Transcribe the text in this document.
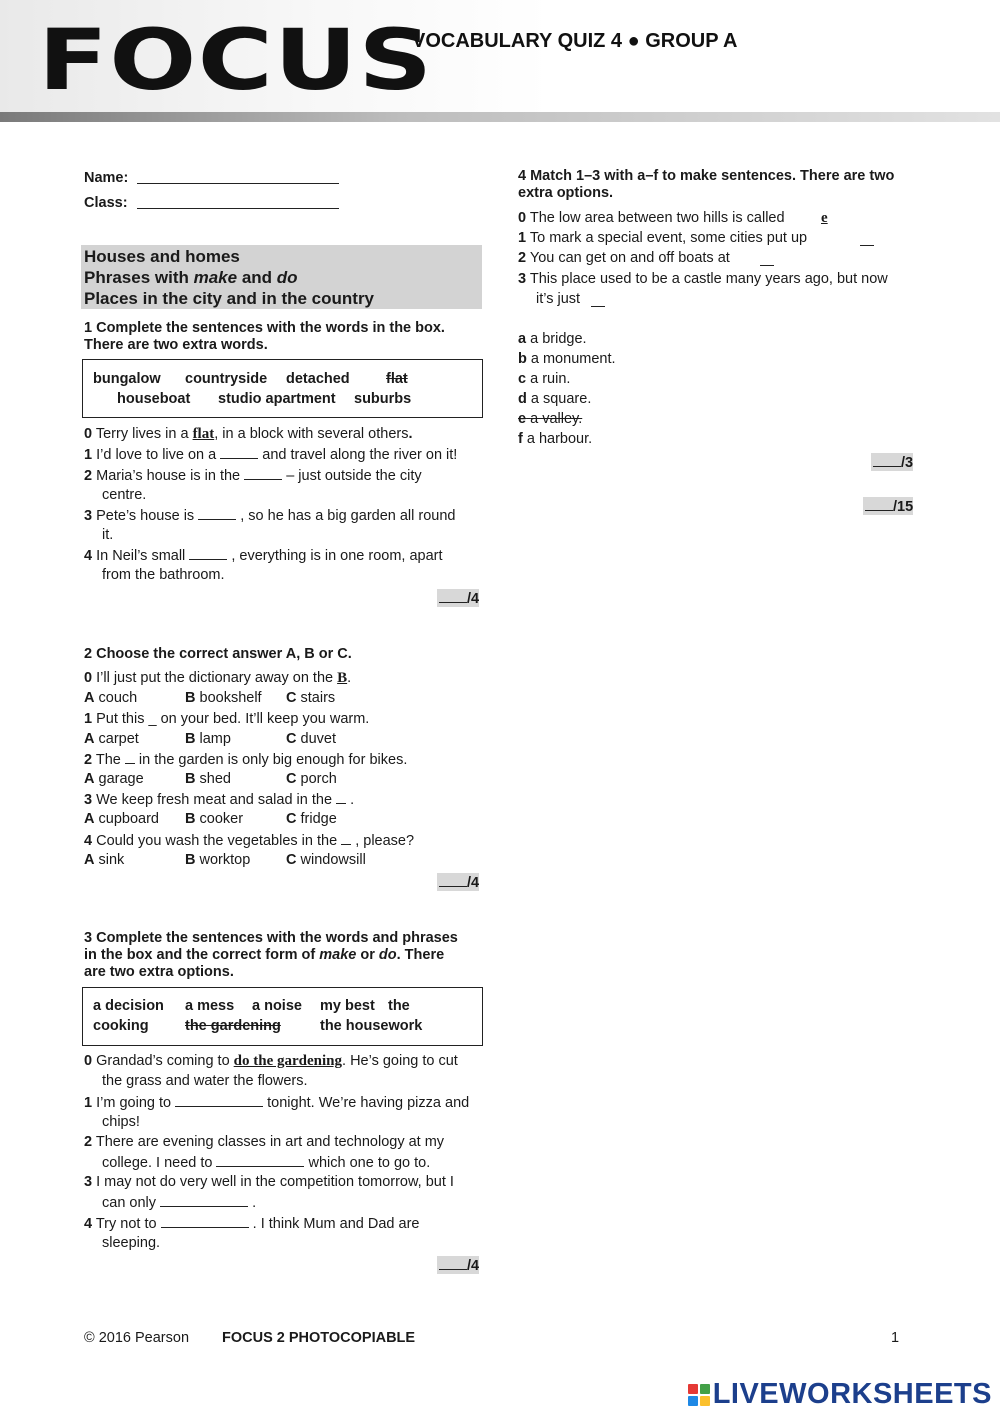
FOCUS
VOCABULARY QUIZ 4 ● GROUP A
Name:
Class:
Houses and homes
Phrases with make and do
Places in the city and in the country
1 Complete the sentences with the words in the box.
There are two extra words.
bungalow countryside detached	flat
houseboat studio apartment suburbs
0 Terry lives in a flat, in a block with several others.
1 I’d love to live on a	and travel along the river on it!
2 Maria’s house is in the	– just outside the city
centre.
3 Pete’s house is	, so he has a big garden all round
it.
4 In Neil’s small	, everything is in one room, apart
from the bathroom.
/4
2 Choose the correct answer A, B or C.
0 I’ll just put the dictionary away on the B.
A couch	B bookshelf C stairs
1 Put this _ on your bed. It’ll keep you warm.
A carpet	B lamp	C duvet
2 The in the garden is only big enough for bikes.
A garage	B shed	C porch
3 We keep fresh meat and salad in the .
A cupboard B cooker	C fridge
4 Could you wash the vegetables in the , please?
A sink	B worktop C windowsill
/4
3 Complete the sentences with the words and phrases
in the box and the correct form of make or do. There
are two extra options.
a decision a mess a noise my best the
cooking	the gardening	the housework
0 Grandad’s coming to do the gardening. He’s going to cut
the grass and water the flowers.
1 I’m going to	tonight. We’re having pizza and
chips!
2 There are evening classes in art and technology at my
college. I need to	which one to go to.
3 I may not do very well in the competition tomorrow, but I
can only	.
4 Try not to	. I think Mum and Dad are
sleeping.
/4
4 Match 1–3 with a–f to make sentences. There are two
extra options.
0 The low area between two hills is called e
1 To mark a special event, some cities put up
2 You can get on and off boats at
3 This place used to be a castle many years ago, but now
it’s just
a a bridge.
b a monument.
c a ruin.
d a square.
e a valley.
f a harbour.
/3
/15
© 2016 Pearson FOCUS 2 PHOTOCOPIABLE	1
LIVEWORKSHEETS
